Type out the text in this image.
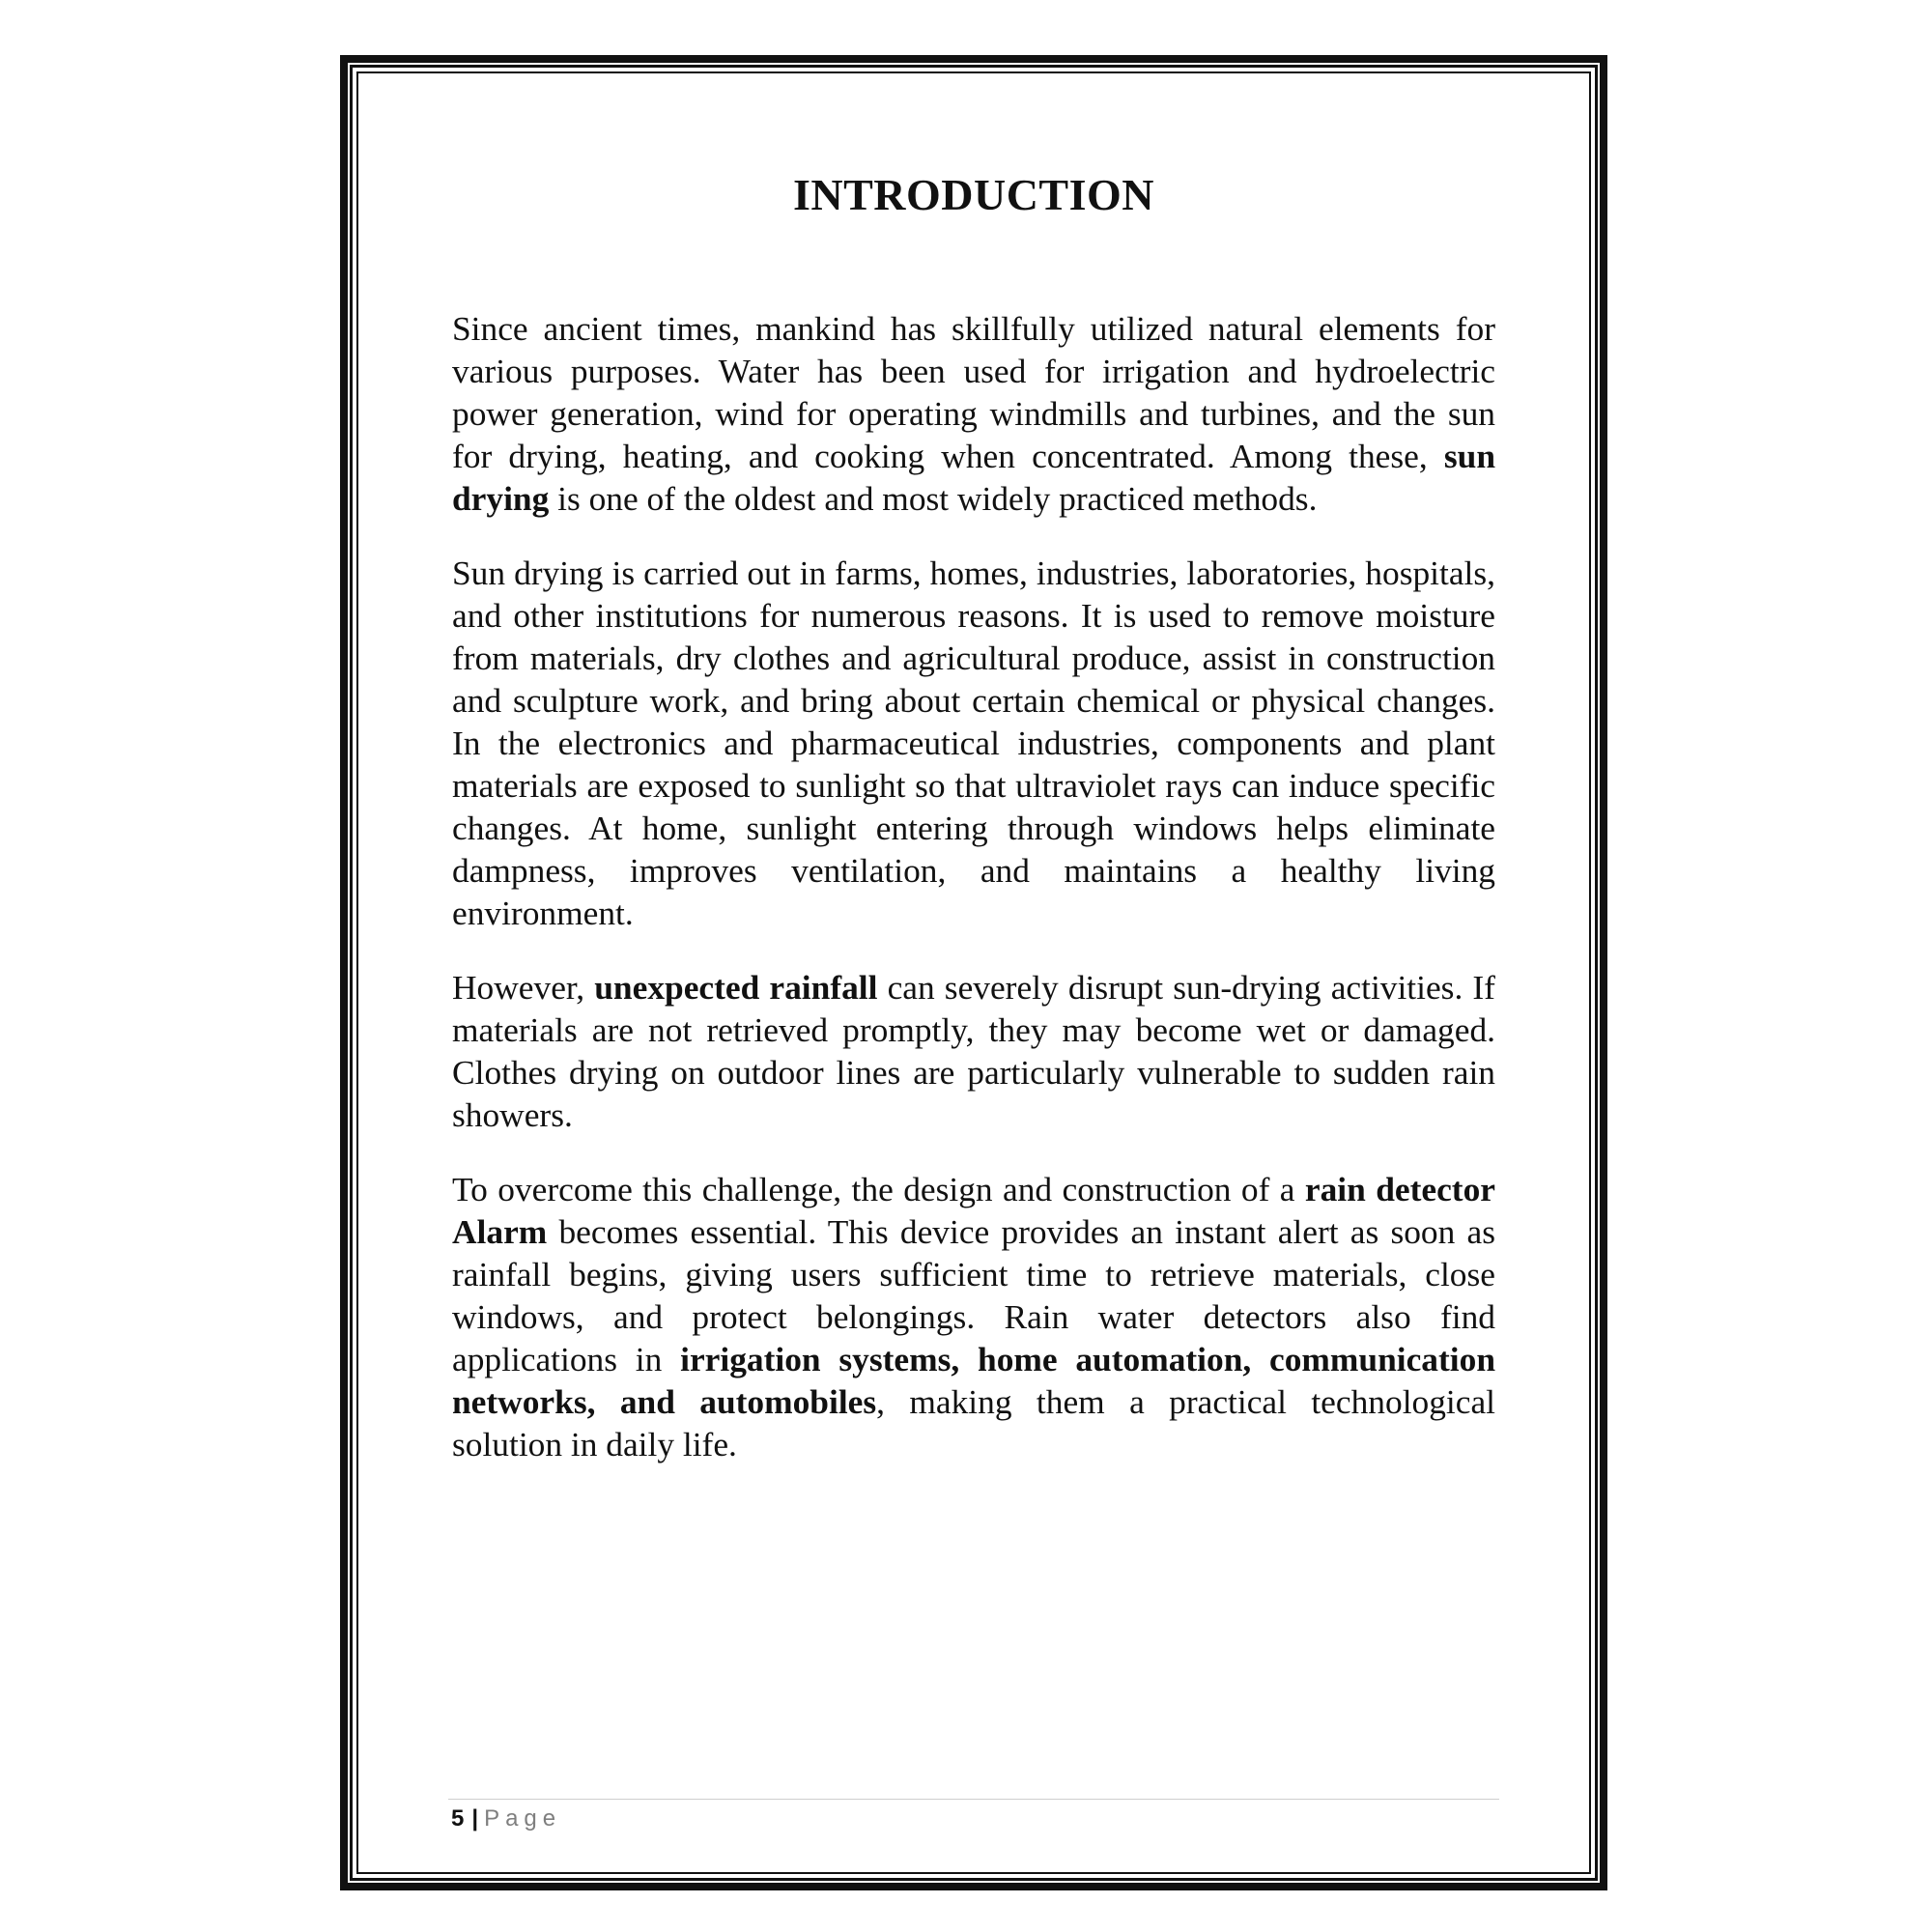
INTRODUCTION

Since ancient times, mankind has skillfully utilized natural elements for various purposes. Water has been used for irrigation and hydroelectric power generation, wind for operating windmills and turbines, and the sun for drying, heating, and cooking when concentrated. Among these, sun drying is one of the oldest and most widely practiced methods.

Sun drying is carried out in farms, homes, industries, laboratories, hospitals, and other institutions for numerous reasons. It is used to remove moisture from materials, dry clothes and agricultural produce, assist in construction and sculpture work, and bring about certain chemical or physical changes. In the electronics and pharmaceutical industries, components and plant materials are exposed to sunlight so that ultraviolet rays can induce specific changes. At home, sunlight entering through windows helps eliminate dampness, improves ventilation, and maintains a healthy living environment.

However, unexpected rainfall can severely disrupt sun-drying activities. If materials are not retrieved promptly, they may become wet or damaged. Clothes drying on outdoor lines are particularly vulnerable to sudden rain showers.

To overcome this challenge, the design and construction of a rain detector Alarm becomes essential. This device provides an instant alert as soon as rainfall begins, giving users sufficient time to retrieve materials, close windows, and protect belongings. Rain water detectors also find applications in irrigation systems, home automation, communication networks, and automobiles, making them a practical technological solution in daily life.

5 | Page
